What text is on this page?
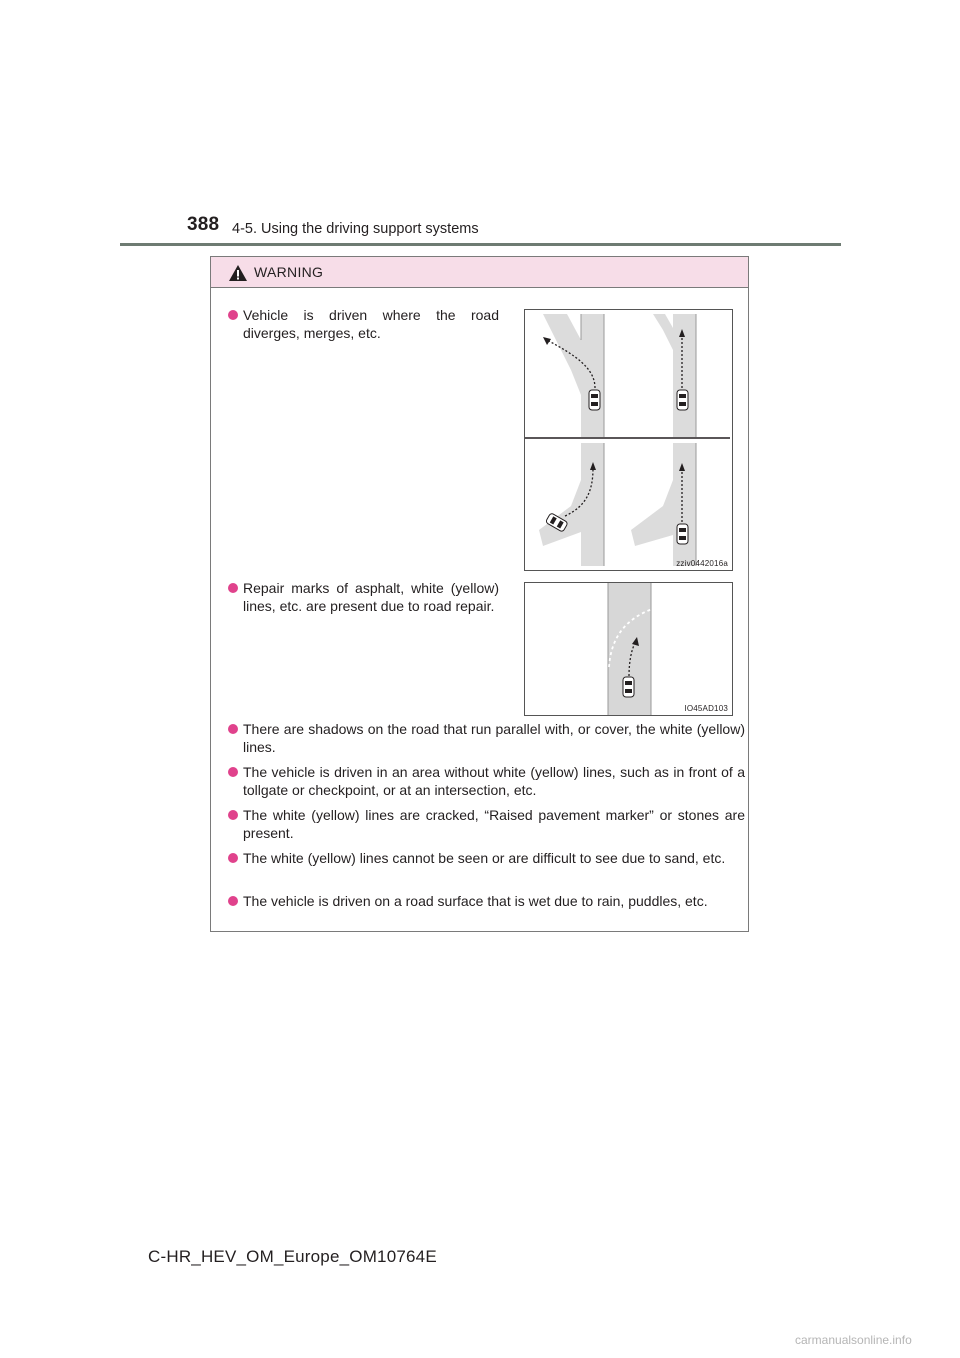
388 4-5. Using the driving support systems
WARNING
Vehicle is driven where the road diverges, merges, etc.
zziv0442016a
Repair marks of asphalt, white (yellow) lines, etc. are present due to road repair.
IO45AD103
There are shadows on the road that run parallel with, or cover, the white (yellow) lines.
The vehicle is driven in an area without white (yellow) lines, such as in front of a tollgate or checkpoint, or at an intersection, etc.
The white (yellow) lines are cracked, “Raised pavement marker” or stones are present.
The white (yellow) lines cannot be seen or are difficult to see due to sand, etc.
The vehicle is driven on a road surface that is wet due to rain, puddles, etc.
C-HR_HEV_OM_Europe_OM10764E
carmanualsonline.info
